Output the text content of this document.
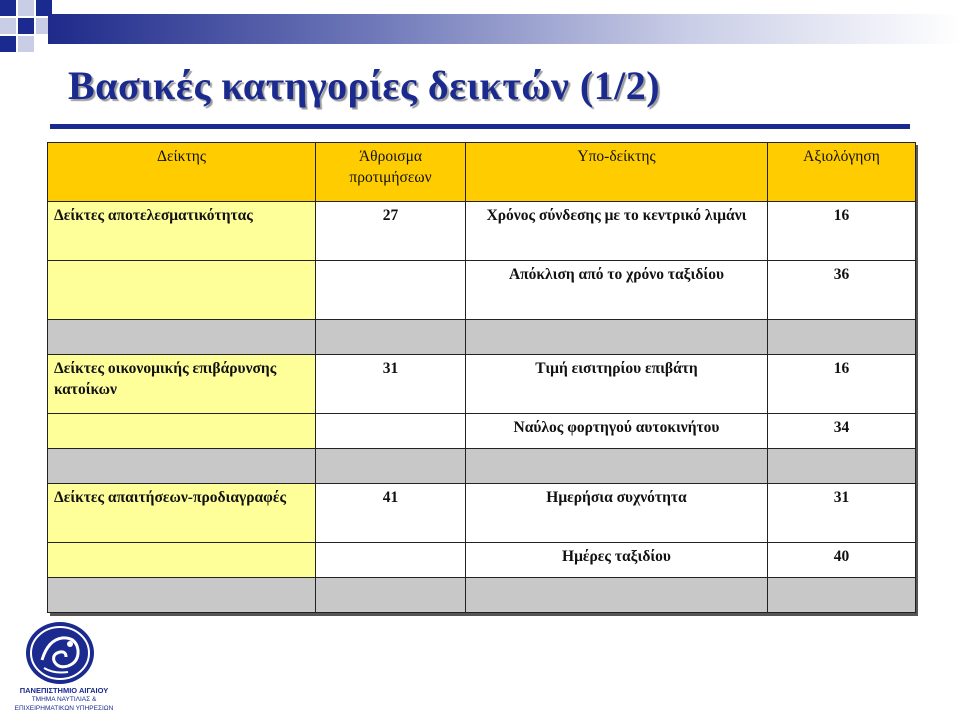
Βασικές κατηγορίες δεικτών (1/2)
Δείκτης	Άθροισμα προτιμήσεων	Υπο-δείκτης	Αξιολόγηση

Δείκτες αποτελεσματικότητας	27	Χρόνος σύνδεσης με το κεντρικό λιμάνι	16
		Απόκλιση από το χρόνο ταξιδίου	36

Δείκτες οικονομικής επιβάρυνσης κατοίκων	31	Τιμή εισιτηρίου επιβάτη	16
		Ναύλος φορτηγού αυτοκινήτου	34

Δείκτες απαιτήσεων-προδιαγραφές	41	Ημερήσια συχνότητα	31
		Ημέρες ταξιδίου	40

ΠΑΝΕΠΙΣΤΗΜΙΟ ΑΙΓΑΙΟΥ
ΤΜΗΜΑ ΝΑΥΤΙΛΙΑΣ & ΕΠΙΧΕΙΡΗΜΑΤΙΚΩΝ ΥΠΗΡΕΣΙΩΝ
